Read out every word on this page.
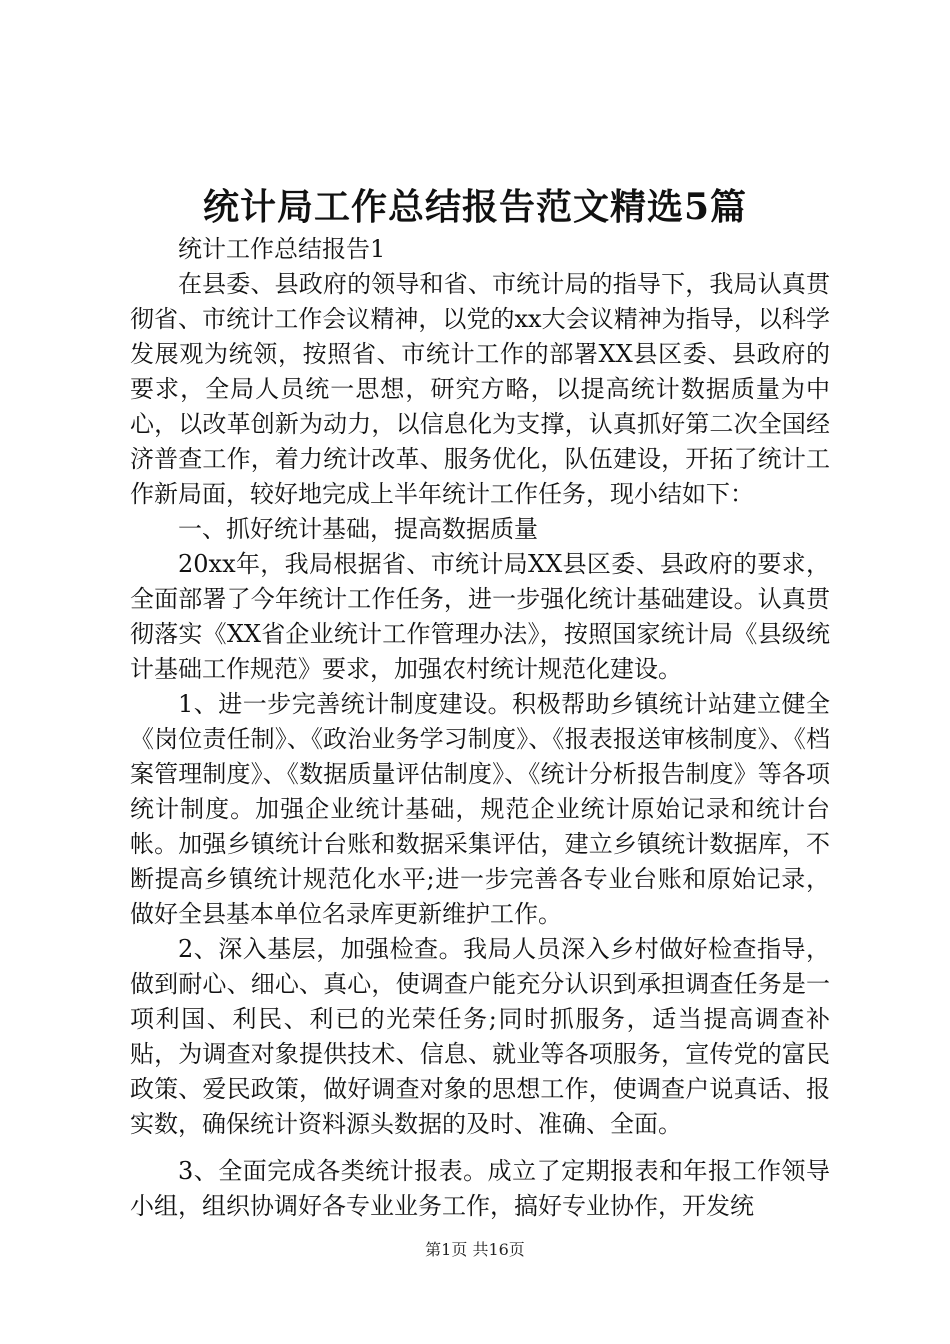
统计局工作总结报告范文精选5篇

统计工作总结报告1

在县委、县政府的领导和省、市统计局的指导下，我局认真贯彻省、市统计工作会议精神，以党的xx大会议精神为指导，以科学发展观为统领，按照省、市统计工作的部署XX县区委、县政府的要求，全局人员统一思想，研究方略，以提高统计数据质量为中心，以改革创新为动力，以信息化为支撑，认真抓好第二次全国经济普查工作，着力统计改革、服务优化，队伍建设，开拓了统计工作新局面，较好地完成上半年统计工作任务，现小结如下：

一、抓好统计基础，提高数据质量

20xx年，我局根据省、市统计局XX县区委、县政府的要求，全面部署了今年统计工作任务，进一步强化统计基础建设。认真贯彻落实《XX省企业统计工作管理办法》，按照国家统计局《县级统计基础工作规范》要求，加强农村统计规范化建设。

1、进一步完善统计制度建设。积极帮助乡镇统计站建立健全《岗位责任制》、《政治业务学习制度》、《报表报送审核制度》、《档案管理制度》、《数据质量评估制度》、《统计分析报告制度》等各项统计制度。加强企业统计基础，规范企业统计原始记录和统计台帐。加强乡镇统计台账和数据采集评估，建立乡镇统计数据库，不断提高乡镇统计规范化水平;进一步完善各专业台账和原始记录，做好全县基本单位名录库更新维护工作。

2、深入基层，加强检查。我局人员深入乡村做好检查指导，做到耐心、细心、真心，使调查户能充分认识到承担调查任务是一项利国、利民、利已的光荣任务;同时抓服务，适当提高调查补贴，为调查对象提供技术、信息、就业等各项服务，宣传党的富民政策、爱民政策，做好调查对象的思想工作，使调查户说真话、报实数，确保统计资料源头数据的及时、准确、全面。

3、全面完成各类统计报表。成立了定期报表和年报工作领导小组，组织协调好各专业业务工作，搞好专业协作，开发统

第1页 共16页
